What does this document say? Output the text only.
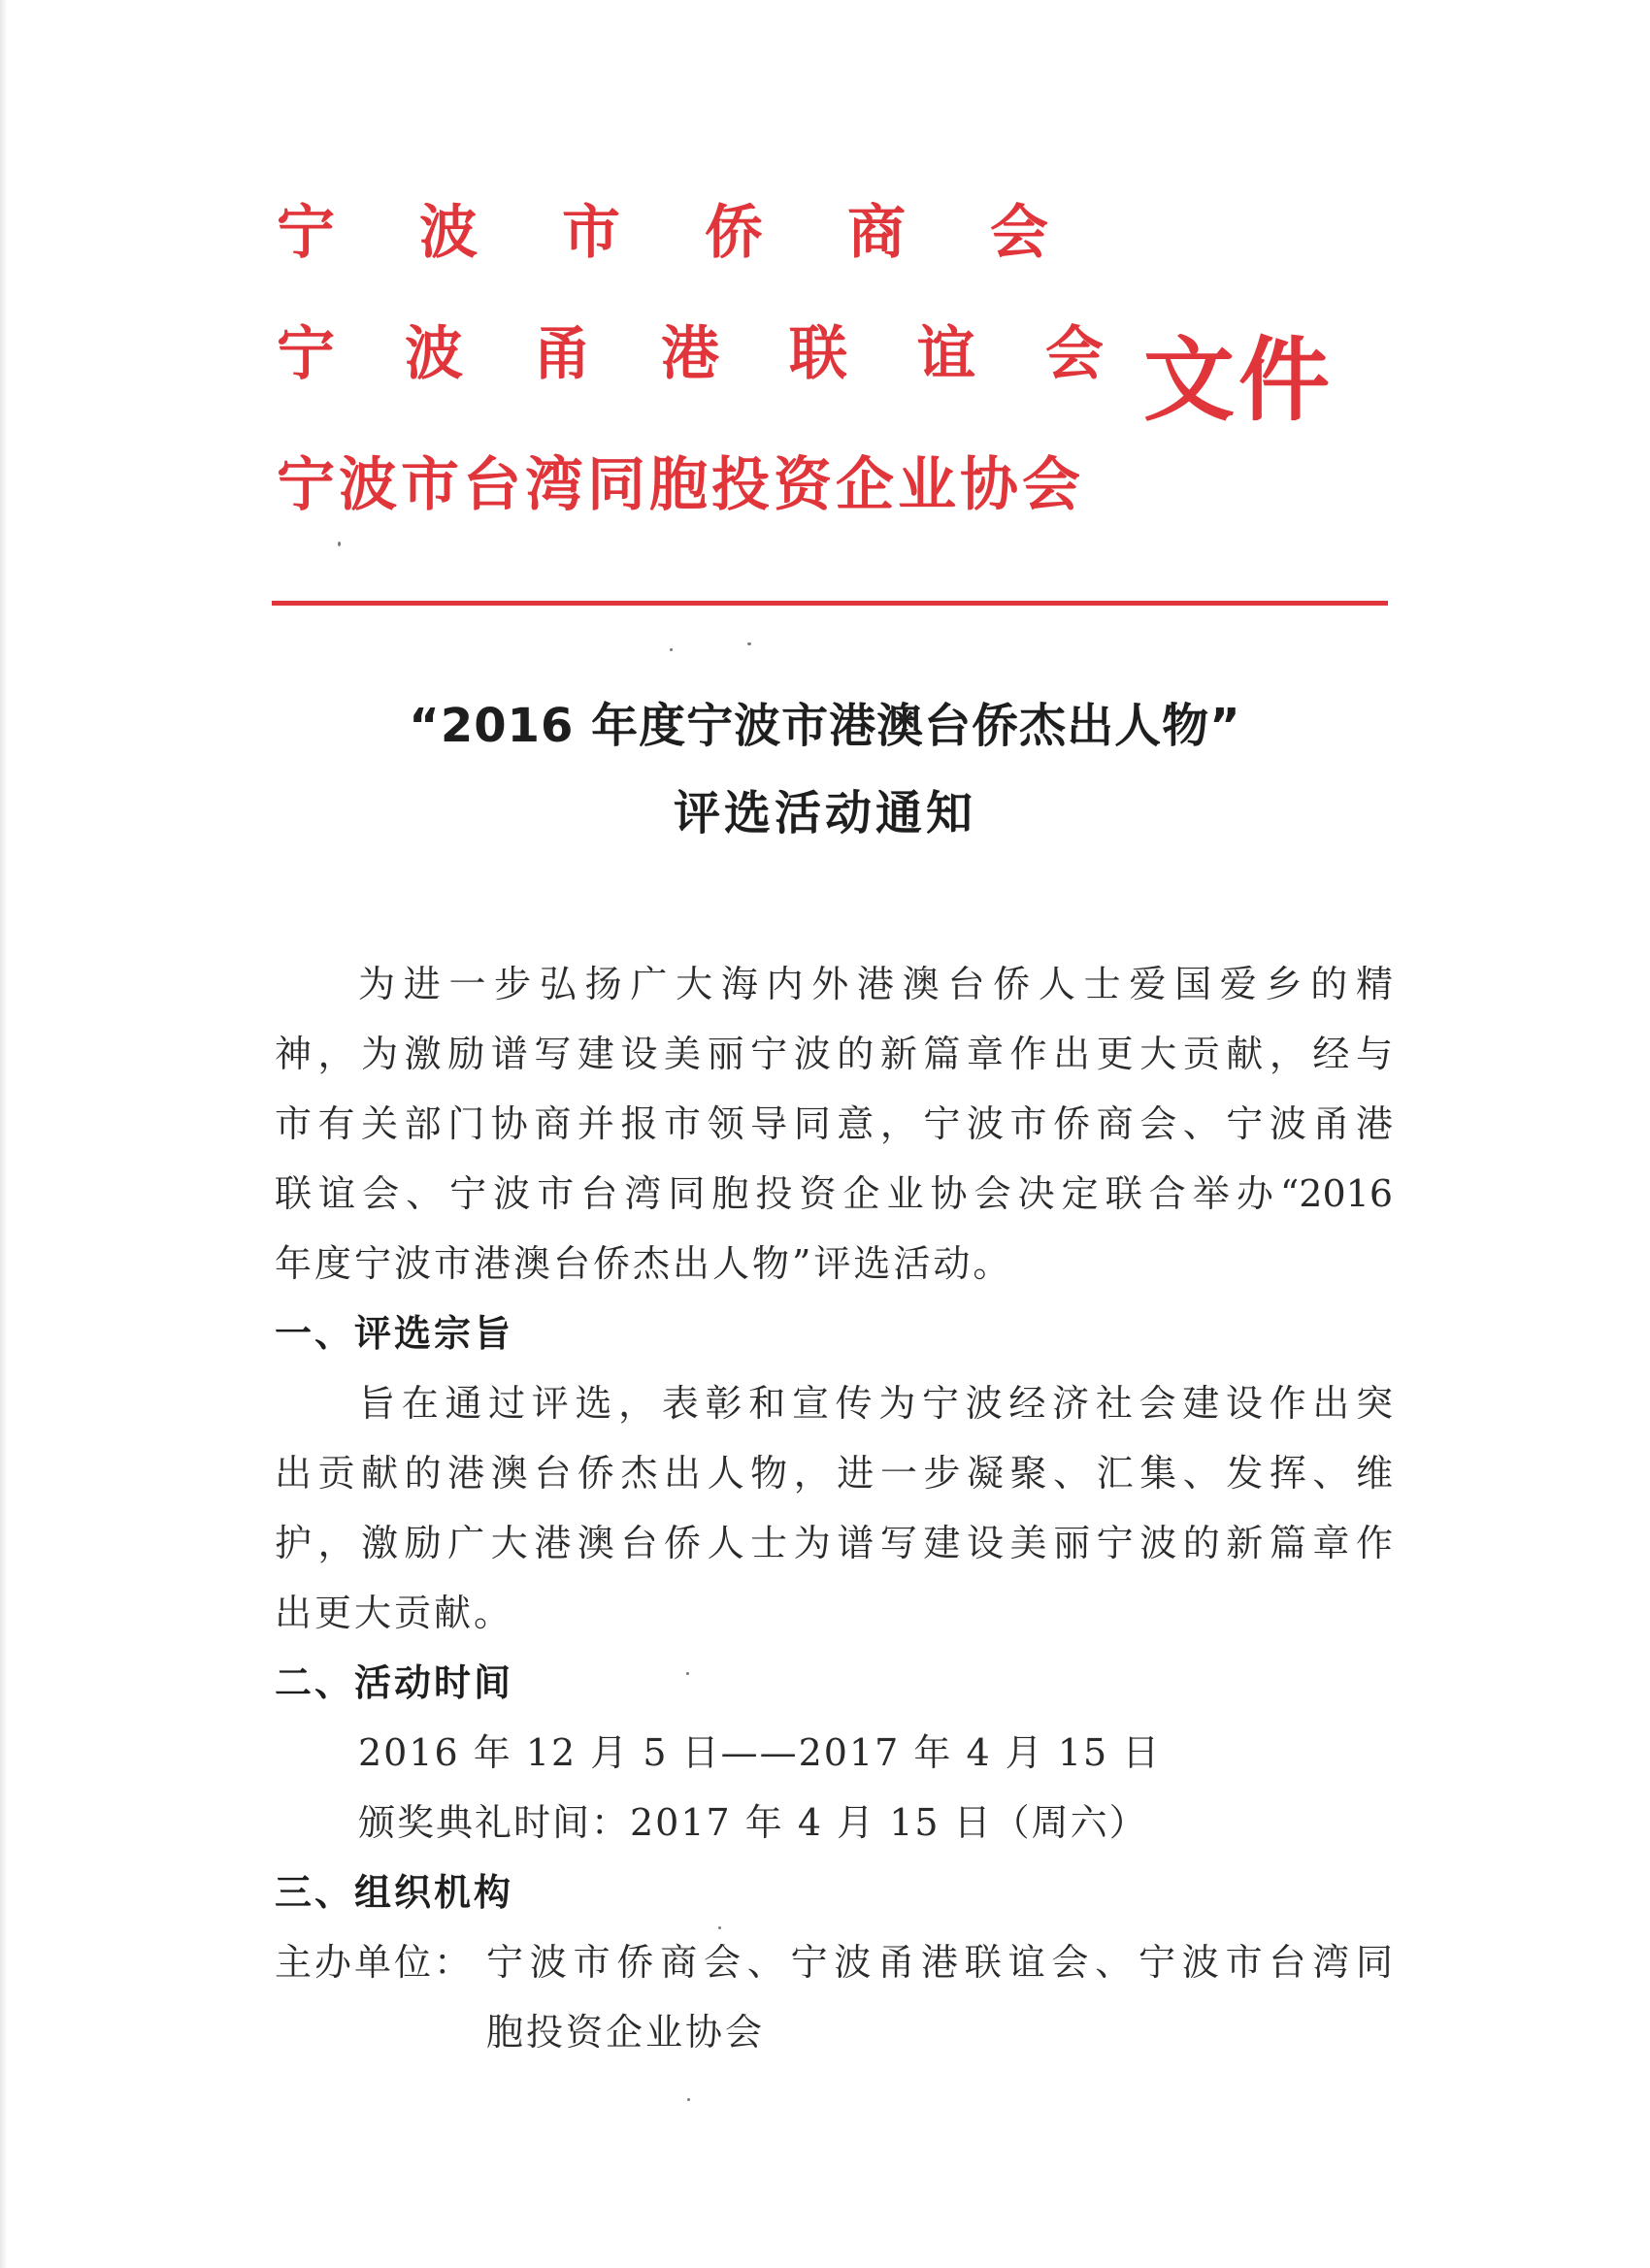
宁波市侨商会
宁波甬港联谊会
宁波市台湾同胞投资企业协会
文件
“2016 年度宁波市港澳台侨杰出人物”
评选活动通知
为进一步弘扬广大海内外港澳台侨人士爱国爱乡的精
神，为激励谱写建设美丽宁波的新篇章作出更大贡献，经与
市有关部门协商并报市领导同意，宁波市侨商会、宁波甬港
联谊会、宁波市台湾同胞投资企业协会决定联合举办“2016
年度宁波市港澳台侨杰出人物”评选活动。
一、评选宗旨
旨在通过评选，表彰和宣传为宁波经济社会建设作出突
出贡献的港澳台侨杰出人物，进一步凝聚、汇集、发挥、维
护，激励广大港澳台侨人士为谱写建设美丽宁波的新篇章作
出更大贡献。
二、活动时间
2016 年 12 月 5 日——2017 年 4 月 15 日
颁奖典礼时间：2017 年 4 月 15 日（周六）
三、组织机构
主办单位： 宁波市侨商会、宁波甬港联谊会、宁波市台湾同
胞投资企业协会
